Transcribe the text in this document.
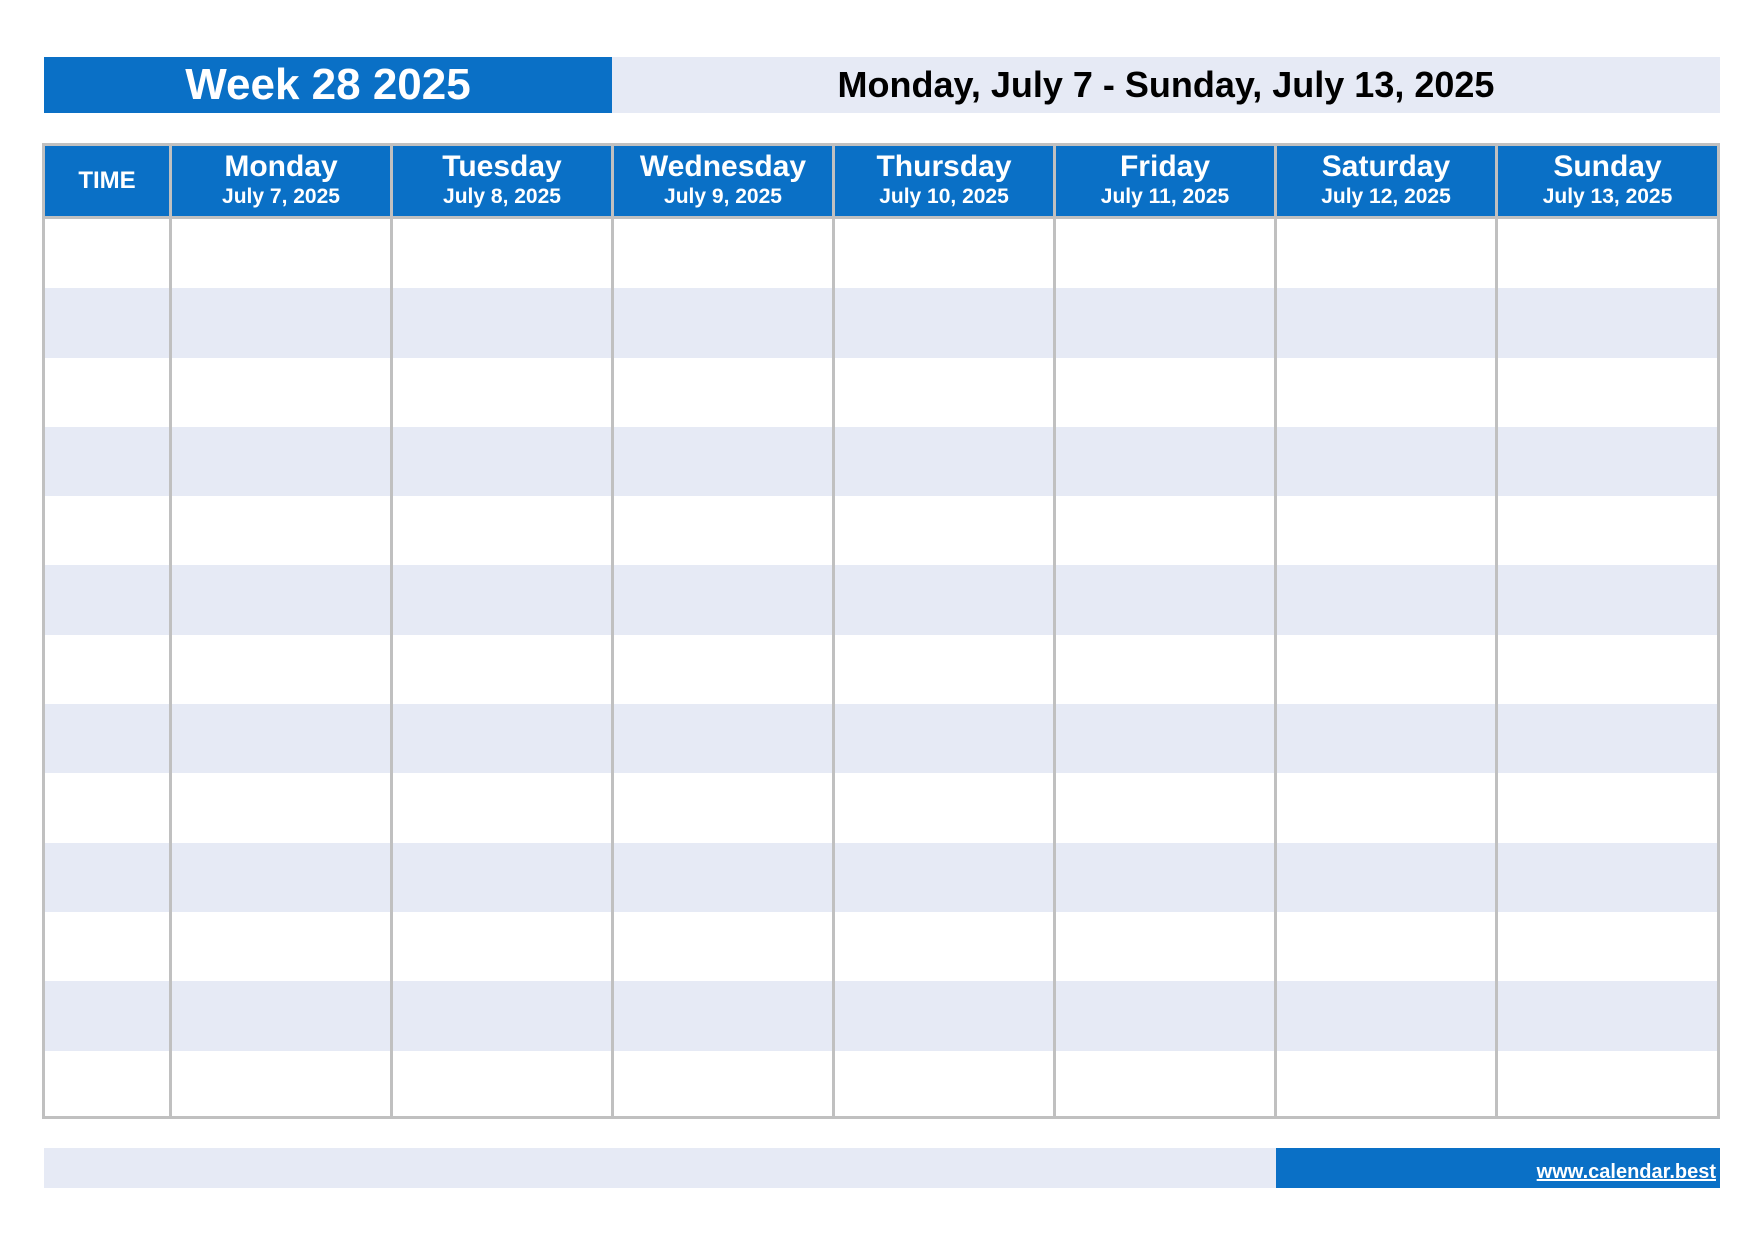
Week 28 2025	Monday, July 7 - Sunday, July 13, 2025
TIME	Monday
July 7, 2025
Tuesday
July 8, 2025
Wednesday
July 9, 2025
Thursday
July 10, 2025
Friday
July 11, 2025
Saturday
July 12, 2025
Sunday
July 13, 2025
www.calendar.best
